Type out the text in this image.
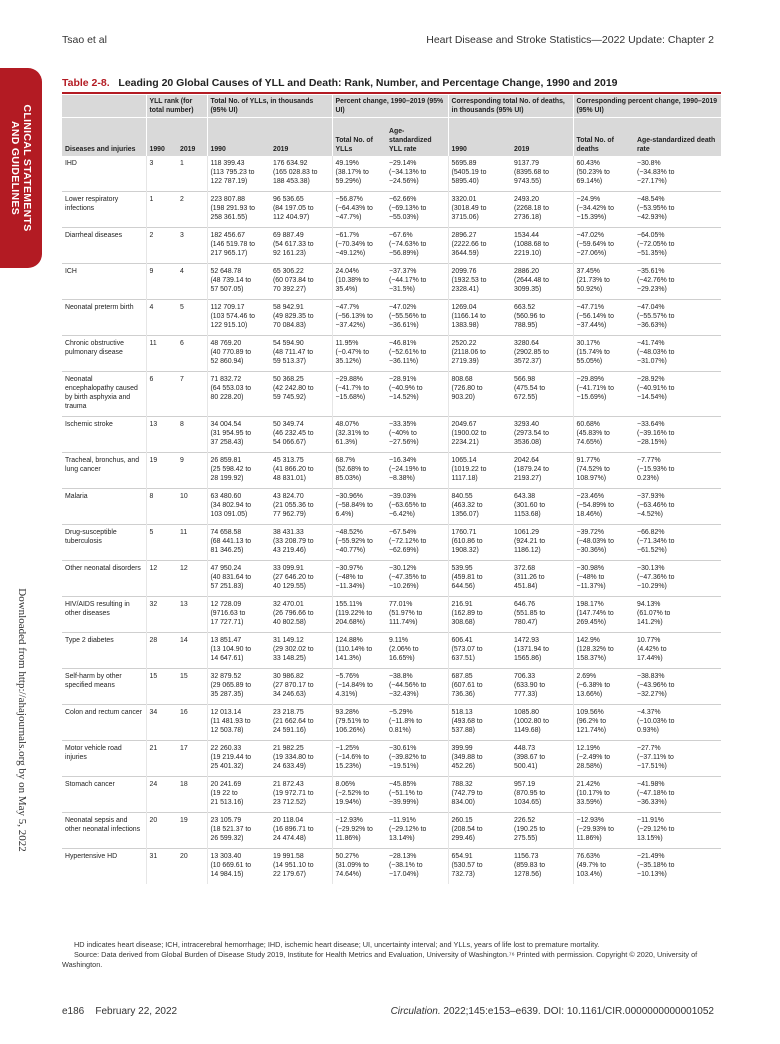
Tsao et al	Heart Disease and Stroke Statistics—2022 Update: Chapter 2
CLINICAL STATEMENTS
AND GUIDELINES
Downloaded from http://ahajournals.org by on May 5, 2022
Table 2-8. Leading 20 Global Causes of YLL and Death: Rank, Number, and Percentage Change, 1990 and 2019
	YLL rank (for total number)		Total No. of YLLs, in thousands (95% UI)		Percent change, 1990–2019 (95% UI)		Corresponding total No. of deaths, in thousands (95% UI)		Corresponding percent change, 1990–2019 (95% UI)	
Diseases and injuries	1990	2019	1990	2019	Total No. of YLLs	Age-standardized YLL rate	1990	2019	Total No. of deaths	Age-standardized death rate
IHD	3	1	118 399.43
(113 795.23 to
122 787.19)	176 634.92
(165 028.83 to
188 453.38)	49.19%
(38.17% to
59.29%)	−29.14%
(−34.13% to
−24.56%)	5695.89
(5405.19 to
5895.40)	9137.79
(8395.68 to
9743.55)	60.43%
(50.23% to
69.14%)	−30.8%
(−34.83% to
−27.17%)
Lower respiratory infections	1	2	223 807.88
(198 291.93 to
258 361.55)	96 536.65
(84 197.05 to
112 404.97)	−56.87%
(−64.43% to
−47.7%)	−62.66%
(−69.13% to
−55.03%)	3320.01
(3018.49 to
3715.06)	2493.20
(2268.18 to
2736.18)	−24.9%
(−34.42% to
−15.39%)	−48.54%
(−53.95% to
−42.93%)
Diarrheal diseases	2	3	182 456.67
(146 519.78 to
217 965.17)	69 887.49
(54 617.33 to
92 161.23)	−61.7%
(−70.34% to
−49.12%)	−67.6%
(−74.63% to
−56.89%)	2896.27
(2222.66 to
3644.59)	1534.44
(1088.68 to
2219.10)	−47.02%
(−59.64% to
−27.06%)	−64.05%
(−72.05% to
−51.35%)
ICH	9	4	52 648.78
(48 739.14 to
57 507.05)	65 306.22
(60 073.84 to
70 392.27)	24.04%
(10.38% to
35.4%)	−37.37%
(−44.17% to
−31.5%)	2099.76
(1932.53 to
2328.41)	2886.20
(2644.48 to
3099.35)	37.45%
(21.73% to
50.92%)	−35.61%
(−42.76% to
−29.23%)
Neonatal preterm birth	4	5	112 709.17
(103 574.46 to
122 915.10)	58 942.91
(49 829.35 to
70 084.83)	−47.7%
(−56.13% to
−37.42%)	−47.02%
(−55.56% to
−36.61%)	1269.04
(1166.14 to
1383.98)	663.52
(560.96 to
788.95)	−47.71%
(−56.14% to
−37.44%)	−47.04%
(−55.57% to
−36.63%)
Chronic obstructive pulmonary disease	11	6	48 769.20
(40 770.89 to
52 860.94)	54 594.90
(48 711.47 to
59 513.37)	11.95%
(−0.47% to
35.12%)	−46.81%
(−52.61% to
−36.11%)	2520.22
(2118.06 to
2719.39)	3280.64
(2902.85 to
3572.37)	30.17%
(15.74% to
55.05%)	−41.74%
(−48.03% to
−31.07%)
Neonatal encephalopathy caused by birth asphyxia and trauma	6	7	71 832.72
(64 553.03 to
80 228.20)	50 368.25
(42 242.80 to
59 745.92)	−29.88%
(−41.7% to
−15.68%)	−28.91%
(−40.9% to
−14.52%)	808.68
(726.80 to
903.20)	566.98
(475.54 to
672.55)	−29.89%
(−41.71% to
−15.69%)	−28.92%
(−40.91% to
−14.54%)
Ischemic stroke	13	8	34 004.54
(31 954.95 to
37 258.43)	50 349.74
(46 232.45 to
54 066.67)	48.07%
(32.31% to
61.3%)	−33.35%
(−40% to
−27.56%)	2049.67
(1900.02 to
2234.21)	3293.40
(2973.54 to
3536.08)	60.68%
(45.83% to
74.65%)	−33.64%
(−39.16% to
−28.15%)
Tracheal, bronchus, and lung cancer	19	9	26 859.81
(25 598.42 to
28 199.92)	45 313.75
(41 866.20 to
48 831.01)	68.7%
(52.68% to
85.03%)	−16.34%
(−24.19% to
−8.38%)	1065.14
(1019.22 to
1117.18)	2042.64
(1879.24 to
2193.27)	91.77%
(74.52% to
108.97%)	−7.77%
(−15.93% to
0.23%)
Malaria	8	10	63 480.60
(34 802.94 to
103 091.05)	43 824.70
(21 055.36 to
77 962.79)	−30.96%
(−58.84% to
6.4%)	−39.03%
(−63.65% to
−6.42%)	840.55
(463.32 to
1356.07)	643.38
(301.60 to
1153.68)	−23.46%
(−54.89% to
18.46%)	−37.93%
(−63.46% to
−4.52%)
Drug-susceptible tuberculosis	5	11	74 658.58
(68 441.13 to
81 346.25)	38 431.33
(33 208.79 to
43 219.46)	−48.52%
(−55.92% to
−40.77%)	−67.54%
(−72.12% to
−62.69%)	1760.71
(610.86 to
1908.32)	1061.29
(924.21 to
1186.12)	−39.72%
(−48.03% to
−30.36%)	−66.82%
(−71.34% to
−61.52%)
Other neonatal disorders	12	12	47 950.24
(40 831.64 to
57 251.83)	33 099.91
(27 646.20 to
40 129.55)	−30.97%
(−48% to
−11.34%)	−30.12%
(−47.35% to
−10.26%)	539.95
(459.81 to
644.56)	372.68
(311.26 to
451.84)	−30.98%
(−48% to
−11.37%)	−30.13%
(−47.36% to
−10.29%)
HIV/AIDS resulting in other diseases	32	13	12 728.09
(9716.63 to
17 727.71)	32 470.01
(26 796.66 to
40 802.58)	155.11%
(119.22% to
204.68%)	77.01%
(51.97% to
111.74%)	216.91
(162.89 to
308.68)	646.76
(551.85 to
780.47)	198.17%
(147.74% to
269.45%)	94.13%
(61.07% to
141.2%)
Type 2 diabetes	28	14	13 851.47
(13 104.90 to
14 647.61)	31 149.12
(29 302.02 to
33 148.25)	124.88%
(110.14% to
141.3%)	9.11%
(2.06% to
16.65%)	606.41
(573.07 to
637.51)	1472.93
(1371.94 to
1565.86)	142.9%
(128.32% to
158.37%)	10.77%
(4.42% to
17.44%)
Self-harm by other specified means	15	15	32 879.52
(29 065.89 to
35 287.35)	30 986.82
(27 870.17 to
34 246.63)	−5.76%
(−14.84% to
4.31%)	−38.8%
(−44.56% to
−32.43%)	687.85
(607.61 to
736.36)	706.33
(633.90 to
777.33)	2.69%
(−6.38% to
13.66%)	−38.83%
(−43.96% to
−32.27%)
Colon and rectum cancer	34	16	12 013.14
(11 481.93 to
12 503.78)	23 218.75
(21 662.64 to
24 591.16)	93.28%
(79.51% to
106.26%)	−5.29%
(−11.8% to
0.81%)	518.13
(493.68 to
537.88)	1085.80
(1002.80 to
1149.68)	109.56%
(96.2% to
121.74%)	−4.37%
(−10.03% to
0.93%)
Motor vehicle road injuries	21	17	22 260.33
(19 219.44 to
25 401.32)	21 982.25
(19 334.80 to
24 633.49)	−1.25%
(−14.6% to
15.23%)	−30.61%
(−39.82% to
−19.51%)	399.99
(349.88 to
452.26)	448.73
(398.67 to
500.41)	12.19%
(−2.49% to
28.58%)	−27.7%
(−37.11% to
−17.51%)
Stomach cancer	24	18	20 241.69
(19 22 to
21 513.16)	21 872.43
(19 972.71 to
23 712.52)	8.06%
(−2.52% to
19.94%)	−45.85%
(−51.1% to
−39.99%)	788.32
(742.79 to
834.00)	957.19
(870.95 to
1034.65)	21.42%
(10.17% to
33.59%)	−41.98%
(−47.18% to
−36.33%)
Neonatal sepsis and other neonatal infections	20	19	23 105.79
(18 521.37 to
26 599.32)	20 118.04
(16 896.71 to
24 474.48)	−12.93%
(−29.92% to
11.86%)	−11.91%
(−29.12% to
13.14%)	260.15
(208.54 to
299.46)	226.52
(190.25 to
275.55)	−12.93%
(−29.93% to
11.86%)	−11.91%
(−29.12% to
13.15%)
Hypertensive HD	31	20	13 303.40
(10 669.61 to
14 984.15)	19 991.58
(14 951.10 to
22 179.67)	50.27%
(31.09% to
74.64%)	−28.13%
(−38.1% to
−17.04%)	654.91
(530.57 to
732.73)	1156.73
(859.83 to
1278.56)	76.63%
(49.7% to
103.4%)	−21.49%
(−35.18% to
−10.13%)
HD indicates heart disease; ICH, intracerebral hemorrhage; IHD, ischemic heart disease; UI, uncertainty interval; and YLLs, years of life lost to premature mortality.
Source: Data derived from Global Burden of Disease Study 2019, Institute for Health Metrics and Evaluation, University of Washington.⁷⁶ Printed with permission. Copyright © 2020, University of Washington.
e186 February 22, 2022	Circulation. 2022;145:e153–e639. DOI: 10.1161/CIR.0000000000001052
